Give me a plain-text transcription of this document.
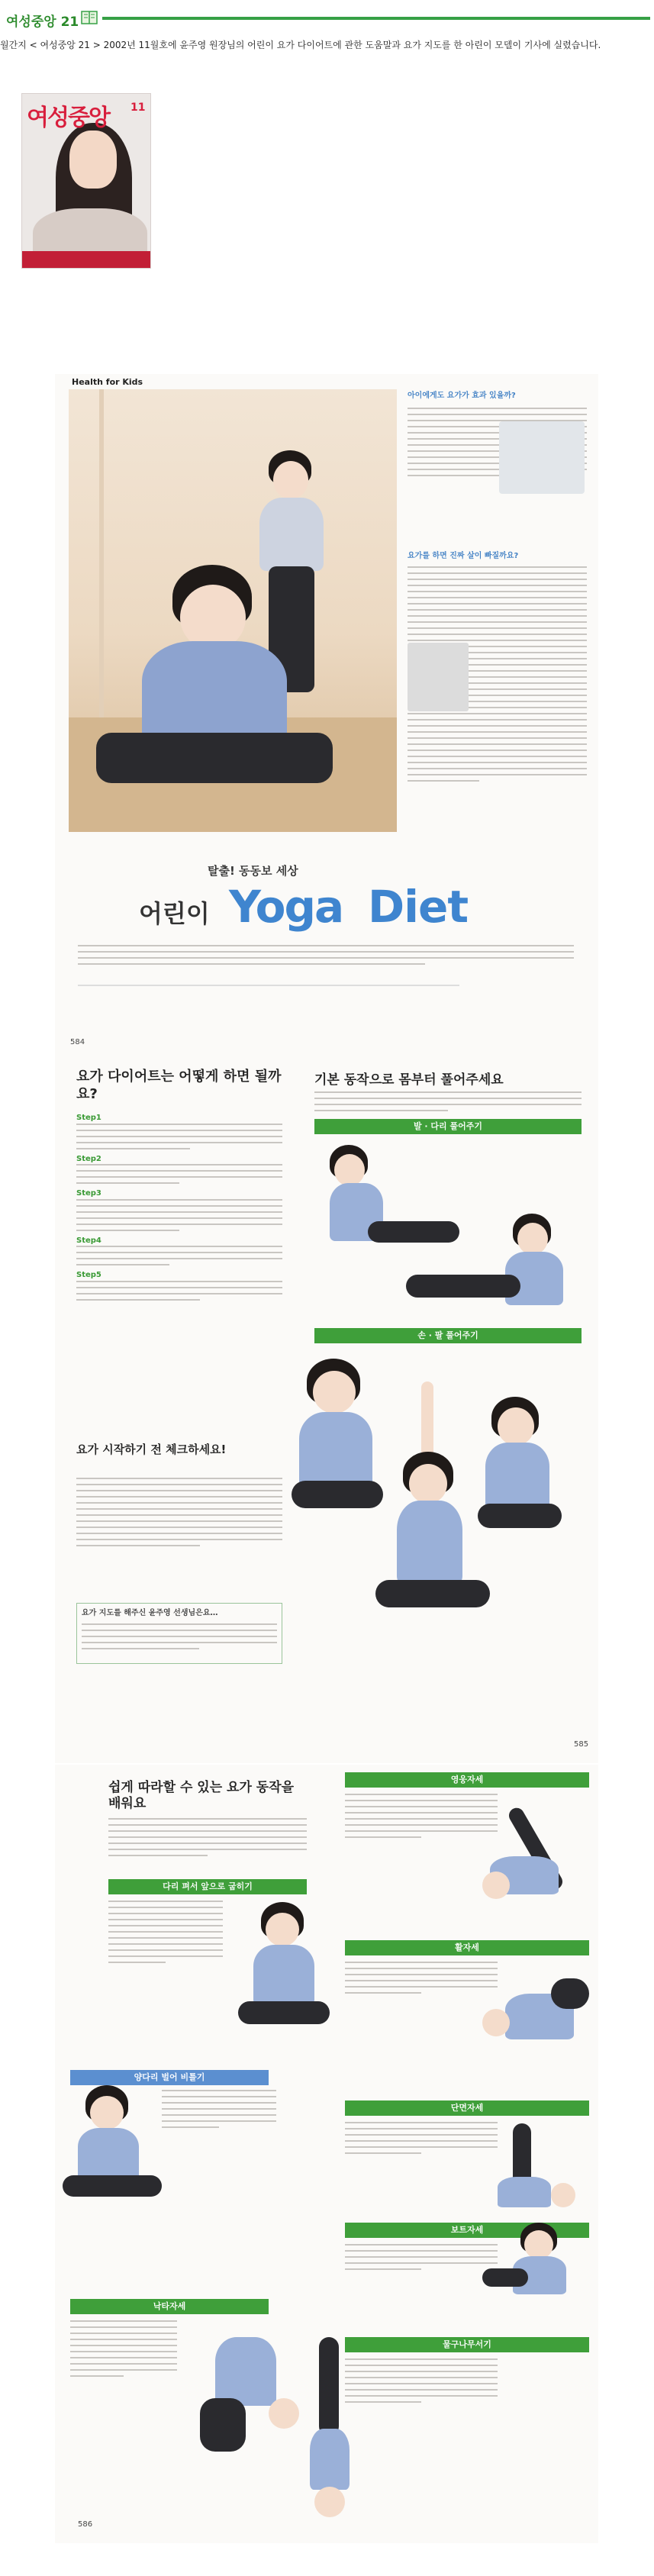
여성중앙 21
월간지 < 여성중앙 21 > 2002년 11월호에 윤주영 원장님의 어린이 요가 다이어트에 관한 도움말과 요가 지도를 한 아린이 모델이 기사에 실렸습니다.
여성중앙 11
Health for Kids
아이에게도 요가가 효과 있을까?
요가를 하면 진짜 살이 빠질까요?
탈출! 동동보 세상
어린이 Yoga Diet
584
요가 다이어트는 어떻게 하면 될까요?
Step1
Step2
Step3
Step4
Step5
요가 시작하기 전 체크하세요!
요가 지도를 해주신 윤주영 선생님은요…
기본 동작으로 몸부터 풀어주세요
발 · 다리 풀어주기
손 · 팔 풀어주기
585
쉽게 따라할 수 있는 요가 동작을 배워요
영웅자세
다리 펴서 앞으로 굽히기
활자세
양다리 벌어 비틀기
단면자세
보트자세
낙타자세
물구나무서기
586
